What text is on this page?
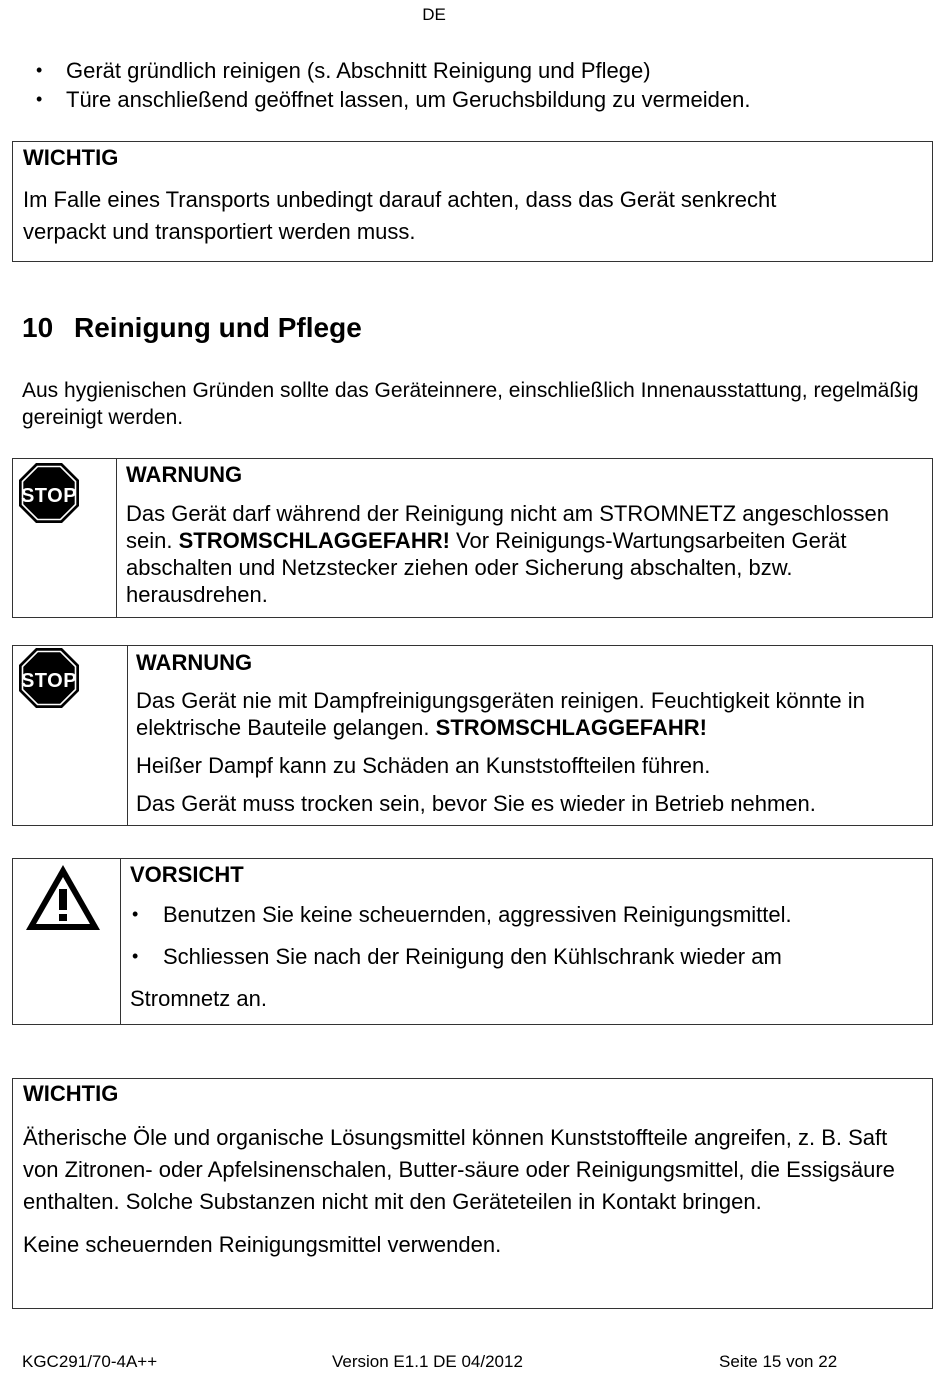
DE
• Gerät gründlich reinigen (s. Abschnitt Reinigung und Pflege)
• Türe anschließend geöffnet lassen, um Geruchsbildung zu vermeiden.
WICHTIG
Im Falle eines Transports unbedingt darauf achten, dass das Gerät senkrecht verpackt und transportiert werden muss.
10 Reinigung und Pflege
Aus hygienischen Gründen sollte das Geräteinnere, einschließlich Innenausstattung, regelmäßig gereinigt werden.
STOP
WARNUNG
Das Gerät darf während der Reinigung nicht am STROMNETZ angeschlossen sein. STROMSCHLAGGEFAHR! Vor Reinigungs-Wartungsarbeiten Gerät abschalten und Netzstecker ziehen oder Sicherung abschalten, bzw. herausdrehen.
STOP
WARNUNG
Das Gerät nie mit Dampfreinigungsgeräten reinigen. Feuchtigkeit könnte in elektrische Bauteile gelangen. STROMSCHLAGGEFAHR!
Heißer Dampf kann zu Schäden an Kunststoffteilen führen.
Das Gerät muss trocken sein, bevor Sie es wieder in Betrieb nehmen.
VORSICHT
• Benutzen Sie keine scheuernden, aggressiven Reinigungsmittel.
• Schliessen Sie nach der Reinigung den Kühlschrank wieder am
Stromnetz an.
WICHTIG
Ätherische Öle und organische Lösungsmittel können Kunststoffteile angreifen, z. B. Saft von Zitronen- oder Apfelsinenschalen, Butter-säure oder Reinigungsmittel, die Essigsäure enthalten. Solche Substanzen nicht mit den Geräteteilen in Kontakt bringen.
Keine scheuernden Reinigungsmittel verwenden.
KGC291/70-4A++	Version E1.1 DE 04/2012	Seite 15 von 22
